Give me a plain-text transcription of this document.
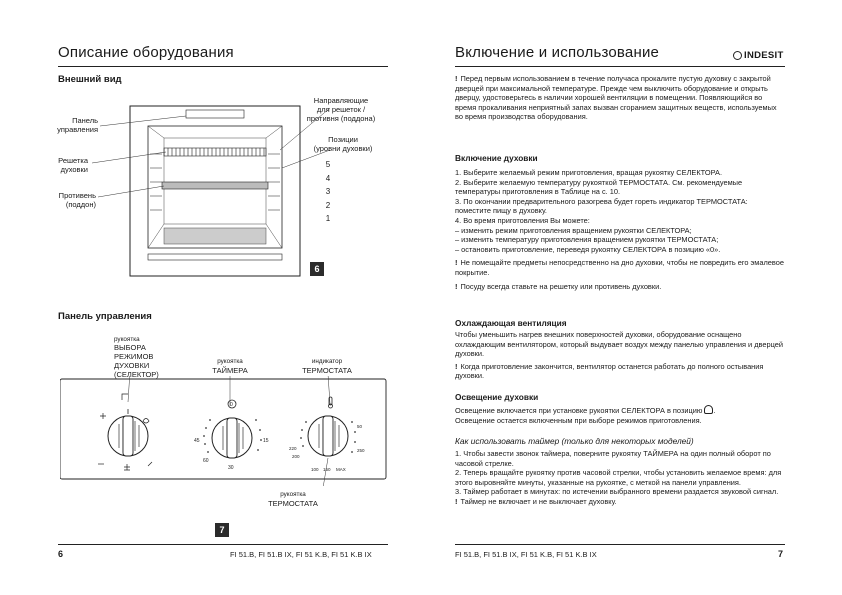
Описание оборудования
Внешний вид
Панель
управления
Решетка
духовки
Противень
(поддон)
Направляющие
для решеток /
противня (поддона)
Позиции
(уровни духовки)
5
4
3
2
1
6
Панель управления
рукоятка
ВЫБОРА
РЕЖИМОВ
ДУХОВКИ
(СЕЛЕКТОР)
рукоятка
ТАЙМЕРА
индикатор
ТЕРМОСТАТА
0
15
30
45
60
50
100 150
200
220	250
MAX
рукоятка
ТЕРМОСТАТА
7
6	FI 51.B, FI 51.B IX, FI 51 K.B, FI 51 K.B IX
Включение и использование	INDESIT
! Перед первым использованием в течение получаса прокалите пустую духовку с закрытой дверцей при максимальной температуре. Прежде чем выключить оборудование и открыть дверцу, удостоверьтесь в наличии хорошей вентиляции в помещении. Появляющийся во время прокаливания неприятный запах вызван сгоранием защитных веществ, используемых во время производства оборудования.
Включение духовки
1. Выберите желаемый режим приготовления, вращая рукоятку СЕЛЕКТОРА.
2. Выберите желаемую температуру рукояткой ТЕРМОСТАТА. См. рекомендуемые температуры приготовления в Таблице на с. 10.
3. По окончании предварительного разогрева будет гореть индикатор ТЕРМОСТАТА: поместите пищу в духовку.
4. Во время приготовления Вы можете:
– изменить режим приготовления вращением рукоятки СЕЛЕКТОРА;
– изменить температуру приготовления вращением рукоятки ТЕРМОСТАТА;
– остановить приготовление, переведя рукоятку СЕЛЕКТОРА в позицию «0».
! Не помещайте предметы непосредственно на дно духовки, чтобы не повредить его эмалевое покрытие.
! Посуду всегда ставьте на решетку или противень духовки.
Охлаждающая вентиляция
Чтобы уменьшить нагрев внешних поверхностей духовки, оборудование оснащено охлаждающим вентилятором, который выдувает воздух между панелью управления и дверцей духовки.
! Когда приготовление закончится, вентилятор останется работать до полного остывания духовки.
Освещение духовки
Освещение включается при установке рукоятки СЕЛЕКТОРА в позицию .
Освещение остается включенным при выборе режимов приготовления.
Как использовать таймер (только для некоторых моделей)
1. Чтобы завести звонок таймера, поверните рукоятку ТАЙМЕРА на один полный оборот по часовой стрелке.
2. Теперь вращайте рукоятку против часовой стрелки, чтобы установить желаемое время: для этого выровняйте минуты, указанные на рукоятке, с меткой на панели управления.
3. Таймер работает в минутах: по истечении выбранного времени раздается звуковой сигнал.
! Таймер не включает и не выключает духовку.
FI 51.B, FI 51.B IX, FI 51 K.B, FI 51 K.B IX	7
